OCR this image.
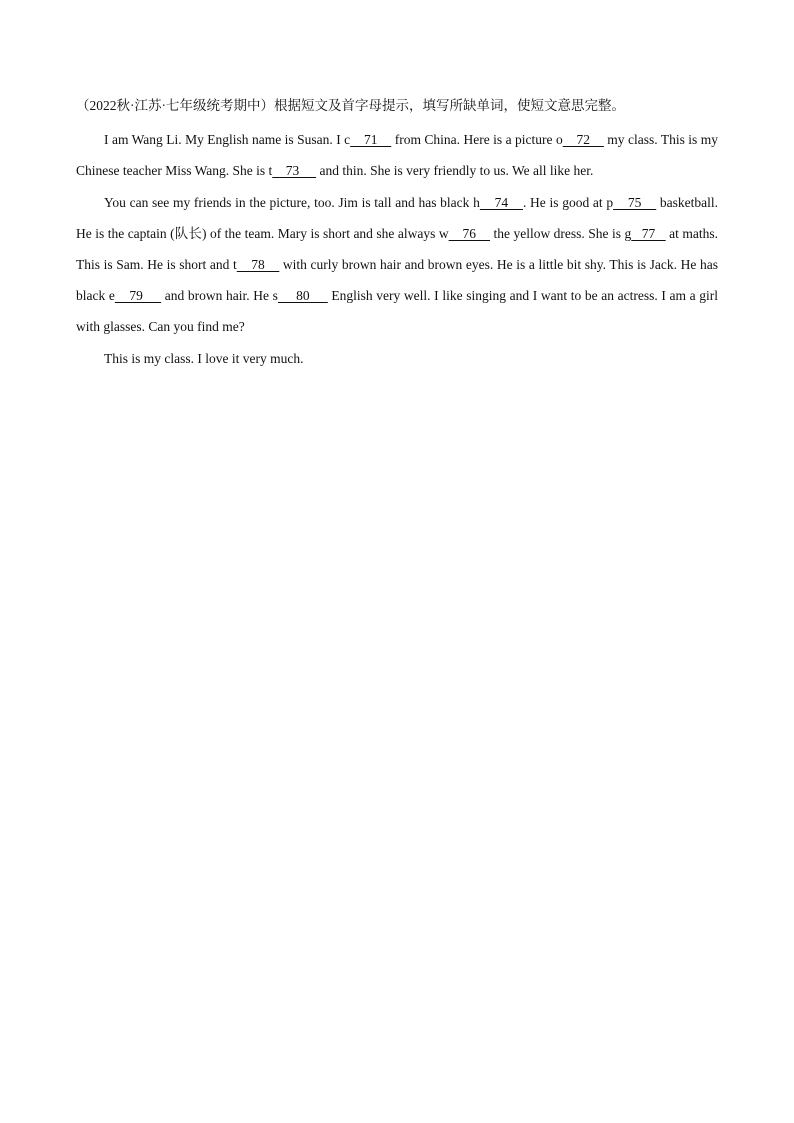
（2022秋·江苏·七年级统考期中）根据短文及首字母提示，填写所缺单词，使短文意思完整。

I am Wang Li. My English name is Susan. I c    71     from China. Here is a picture o    72     my class. This is my Chinese teacher Miss Wang. She is t    73      and thin. She is very friendly to us. We all like her.

You can see my friends in the picture, too. Jim is tall and has black h    74    . He is good at p    75     basketball. He is the captain (队长) of the team. Mary is short and she always w    76     the yellow dress. She is g   77    at maths. This is Sam. He is short and t    78     with curly brown hair and brown eyes. He is a little bit shy. This is Jack. He has black e    79      and brown hair. He s     80      English very well. I like singing and I want to be an actress. I am a girl with glasses. Can you find me?

This is my class. I love it very much.
